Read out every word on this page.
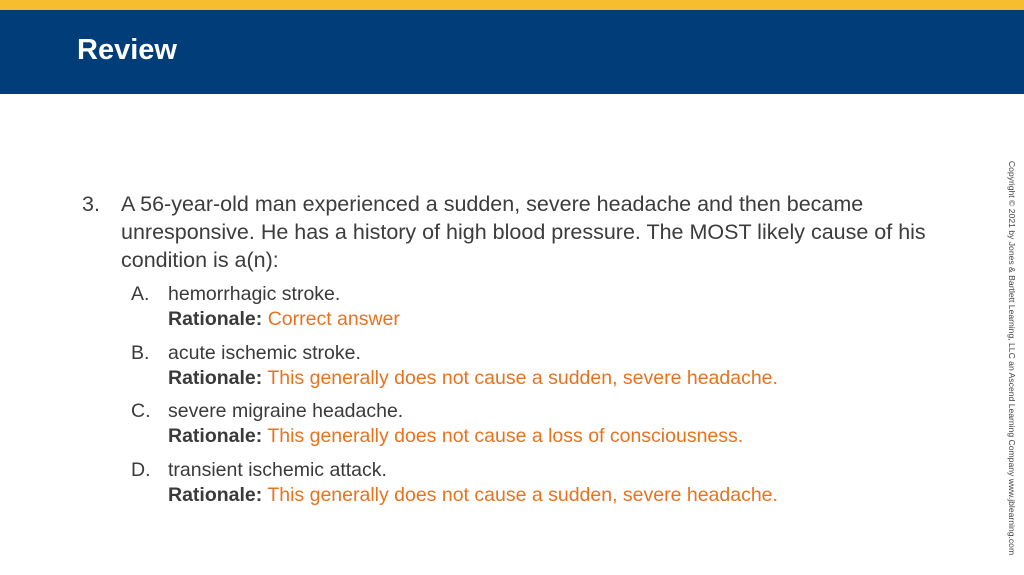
Review
3. A 56-year-old man experienced a sudden, severe headache and then became unresponsive. He has a history of high blood pressure. The MOST likely cause of his condition is a(n):
A. hemorrhagic stroke.
Rationale: Correct answer
B. acute ischemic stroke.
Rationale: This generally does not cause a sudden, severe headache.
C. severe migraine headache.
Rationale: This generally does not cause a loss of consciousness.
D. transient ischemic attack.
Rationale: This generally does not cause a sudden, severe headache.	Copyright © 2021 by Jones & Bartlett Learning, LLC an Ascend Learning Company www.jblearning.com
